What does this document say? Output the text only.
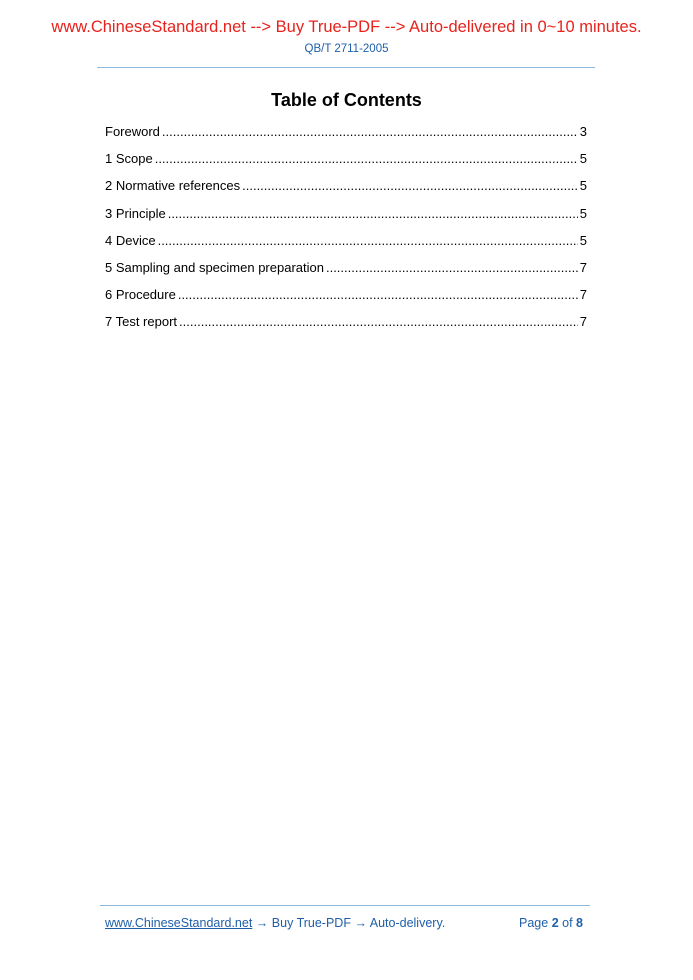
www.ChineseStandard.net --> Buy True-PDF --> Auto-delivered in 0~10 minutes.
QB/T 2711-2005
Table of Contents
Foreword .....	3
1 Scope .....	5
2 Normative references .....	5
3 Principle .....	5
4 Device .....	5
5 Sampling and specimen preparation .....	7
6 Procedure .....	7
7 Test report .....	7
www.ChineseStandard.net → Buy True-PDF → Auto-delivery.	Page 2 of 8
